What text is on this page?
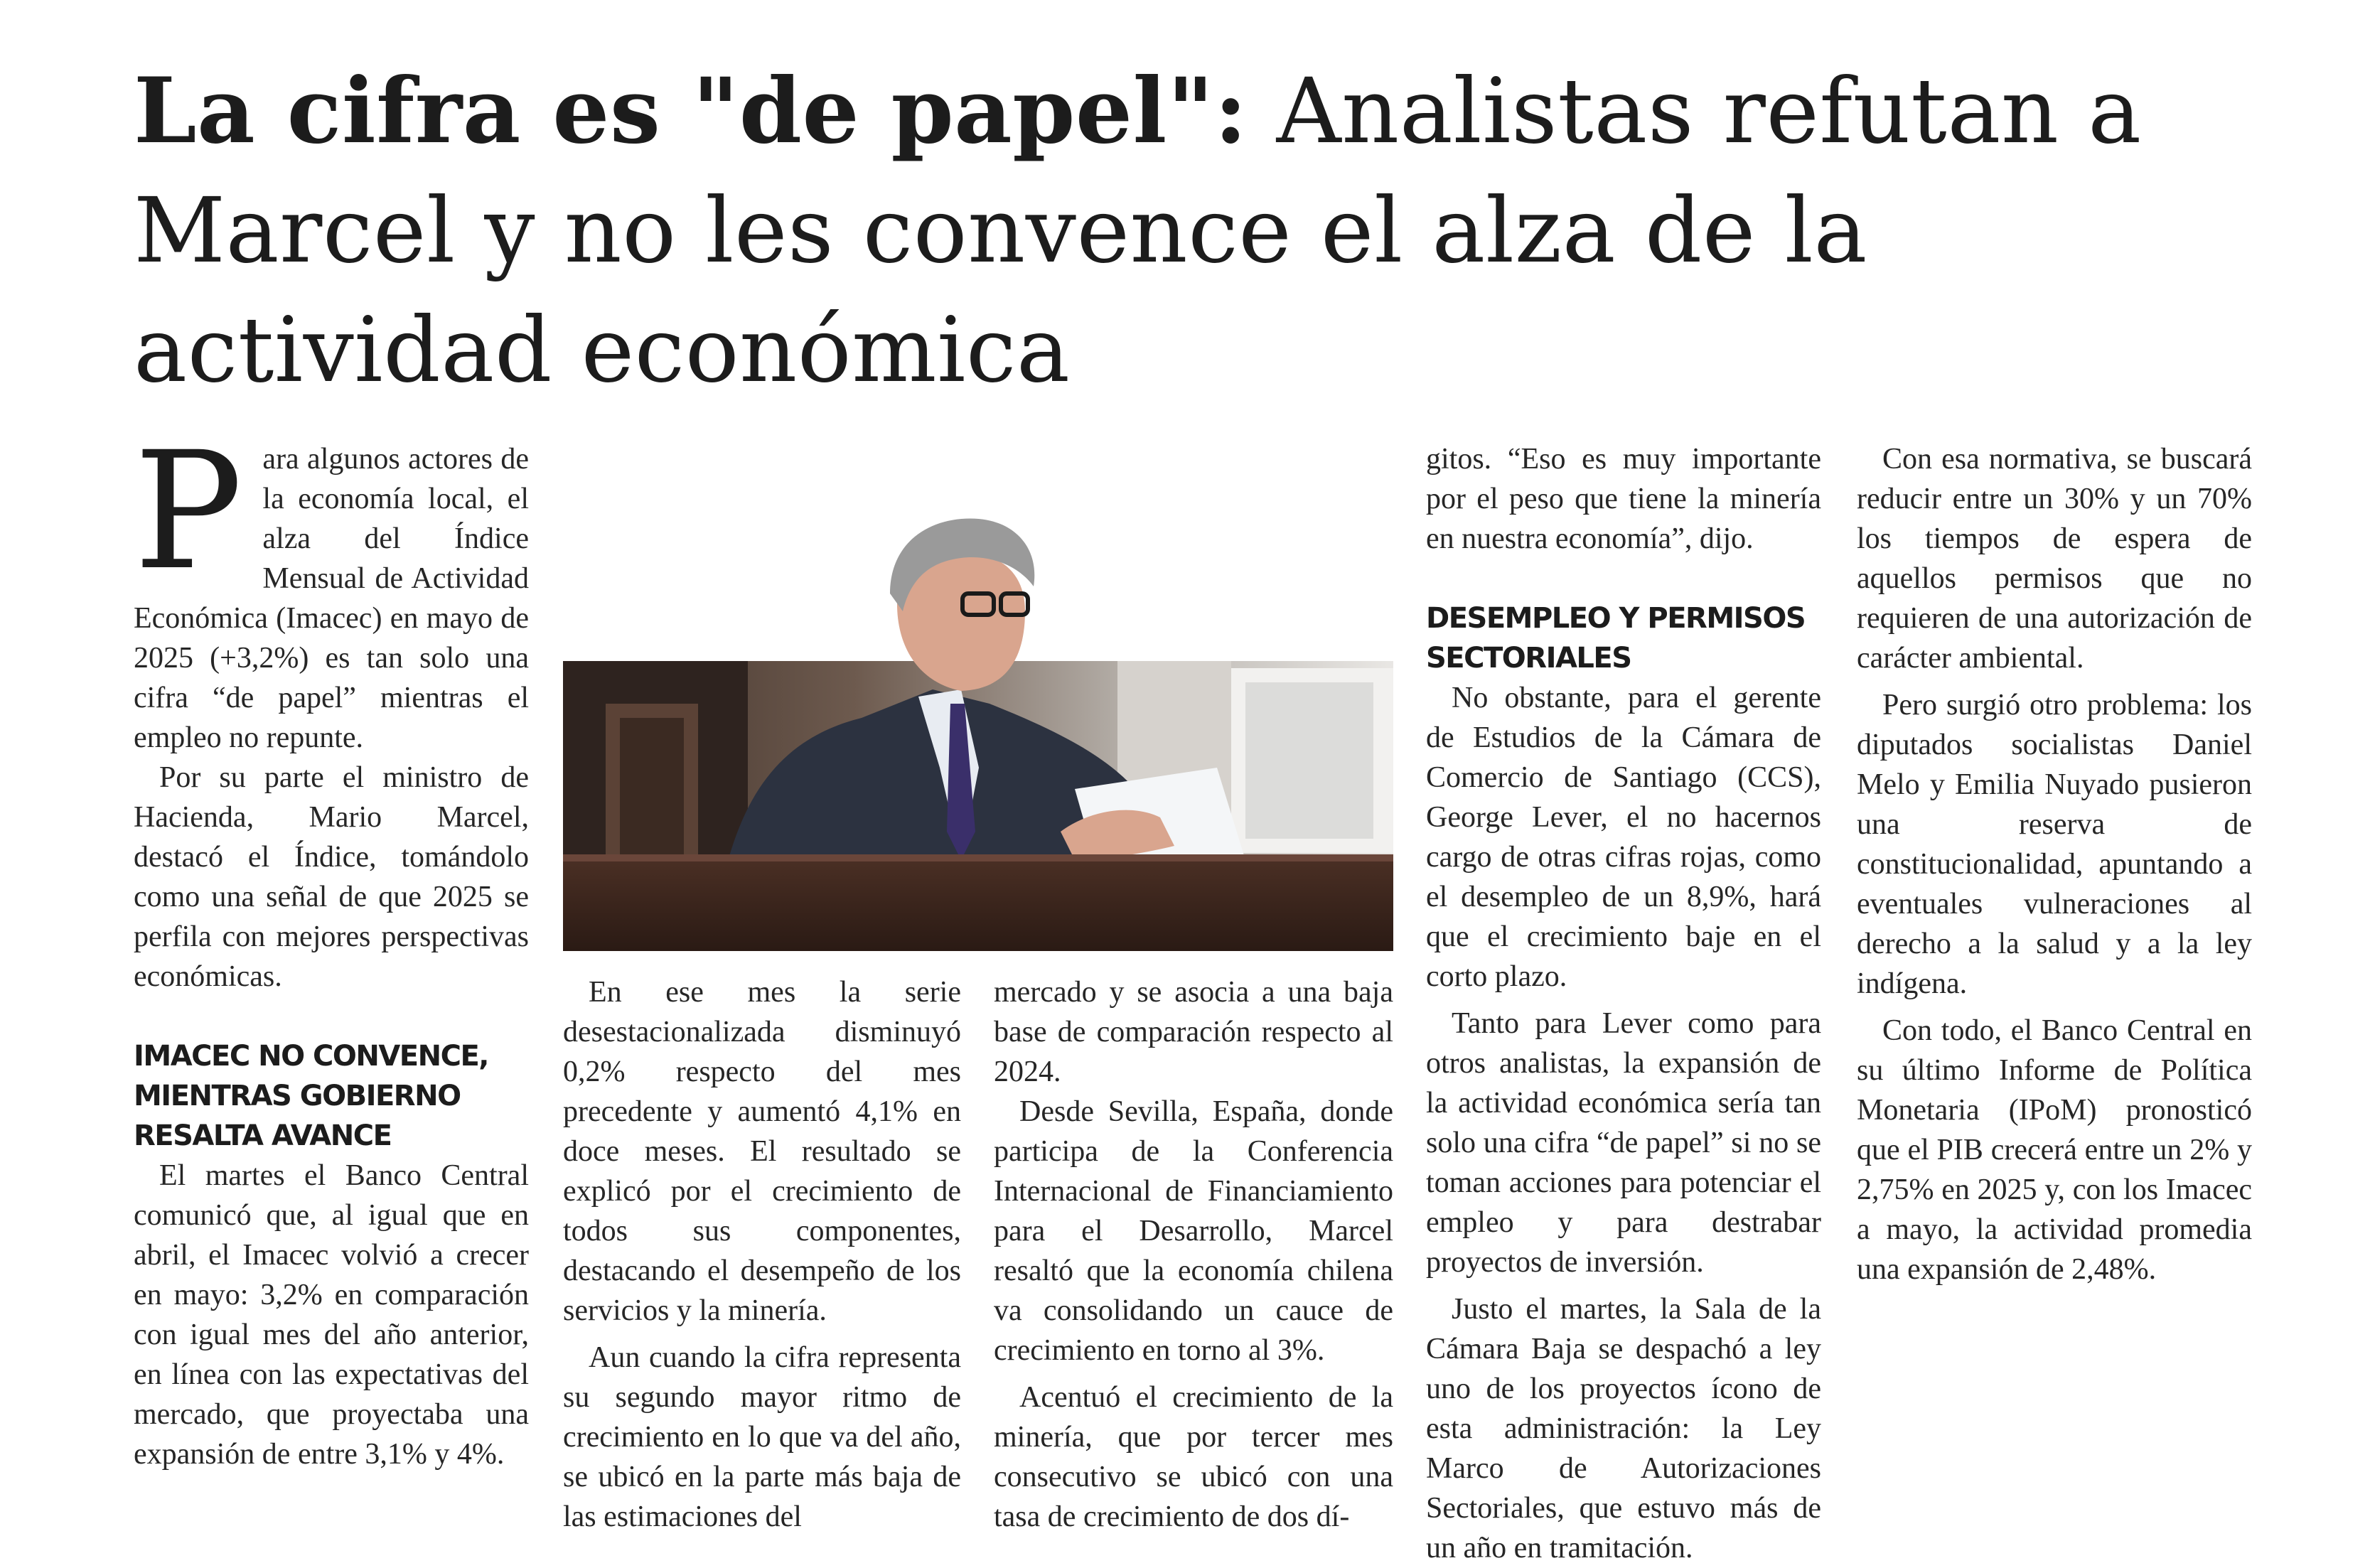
La cifra es "de papel": Analistas refutan a Marcel y no les convence el alza de la actividad económica

Para algunos actores de la economía local, el alza del Índice Mensual de Actividad Económica (Imacec) en mayo de 2025 (+3,2%) es tan solo una cifra “de papel” mientras el empleo no repunte.

Por su parte el ministro de Hacienda, Mario Marcel, destacó el Índice, tomándolo como una señal de que 2025 se perfila con mejores perspectivas económicas.

IMACEC NO CONVENCE, MIENTRAS GOBIERNO RESALTA AVANCE

El martes el Banco Central comunicó que, al igual que en abril, el Imacec volvió a crecer en mayo: 3,2% en comparación con igual mes del año anterior, en línea con las expectativas del mercado, que proyectaba una expansión de entre 3,1% y 4%.

En ese mes la serie desestacionalizada disminuyó 0,2% respecto del mes precedente y aumentó 4,1% en doce meses. El resultado se explicó por el crecimiento de todos sus componentes, destacando el desempeño de los servicios y la minería.

Aun cuando la cifra representa su segundo mayor ritmo de crecimiento en lo que va del año, se ubicó en la parte más baja de las estimaciones del

mercado y se asocia a una baja base de comparación respecto al 2024.

Desde Sevilla, España, donde participa de la Conferencia Internacional de Financiamiento para el Desarrollo, Marcel resaltó que la economía chilena va consolidando un cauce de crecimiento en torno al 3%.

Acentuó el crecimiento de la minería, que por tercer mes consecutivo se ubicó con una tasa de crecimiento de dos dí-

gitos. “Eso es muy importante por el peso que tiene la minería en nuestra economía”, dijo.

DESEMPLEO Y PERMISOS SECTORIALES

No obstante, para el gerente de Estudios de la Cámara de Comercio de Santiago (CCS), George Lever, el no hacernos cargo de otras cifras rojas, como el desempleo de un 8,9%, hará que el crecimiento baje en el corto plazo.

Tanto para Lever como para otros analistas, la expansión de la actividad económica sería tan solo una cifra “de papel” si no se toman acciones para potenciar el empleo y para destrabar proyectos de inversión.

Justo el martes, la Sala de la Cámara Baja se despachó a ley uno de los proyectos ícono de esta administración: la Ley Marco de Autorizaciones Sectoriales, que estuvo más de un año en tramitación.

Con esa normativa, se buscará reducir entre un 30% y un 70% los tiempos de espera de aquellos permisos que no requieren de una autorización de carácter ambiental.

Pero surgió otro problema: los diputados socialistas Daniel Melo y Emilia Nuyado pusieron una reserva de constitucionalidad, apuntando a eventuales vulneraciones al derecho a la salud y a la ley indígena.

Con todo, el Banco Central en su último Informe de Política Monetaria (IPoM) pronosticó que el PIB crecerá entre un 2% y 2,75% en 2025 y, con los Imacec a mayo, la actividad promedia una expansión de 2,48%.
